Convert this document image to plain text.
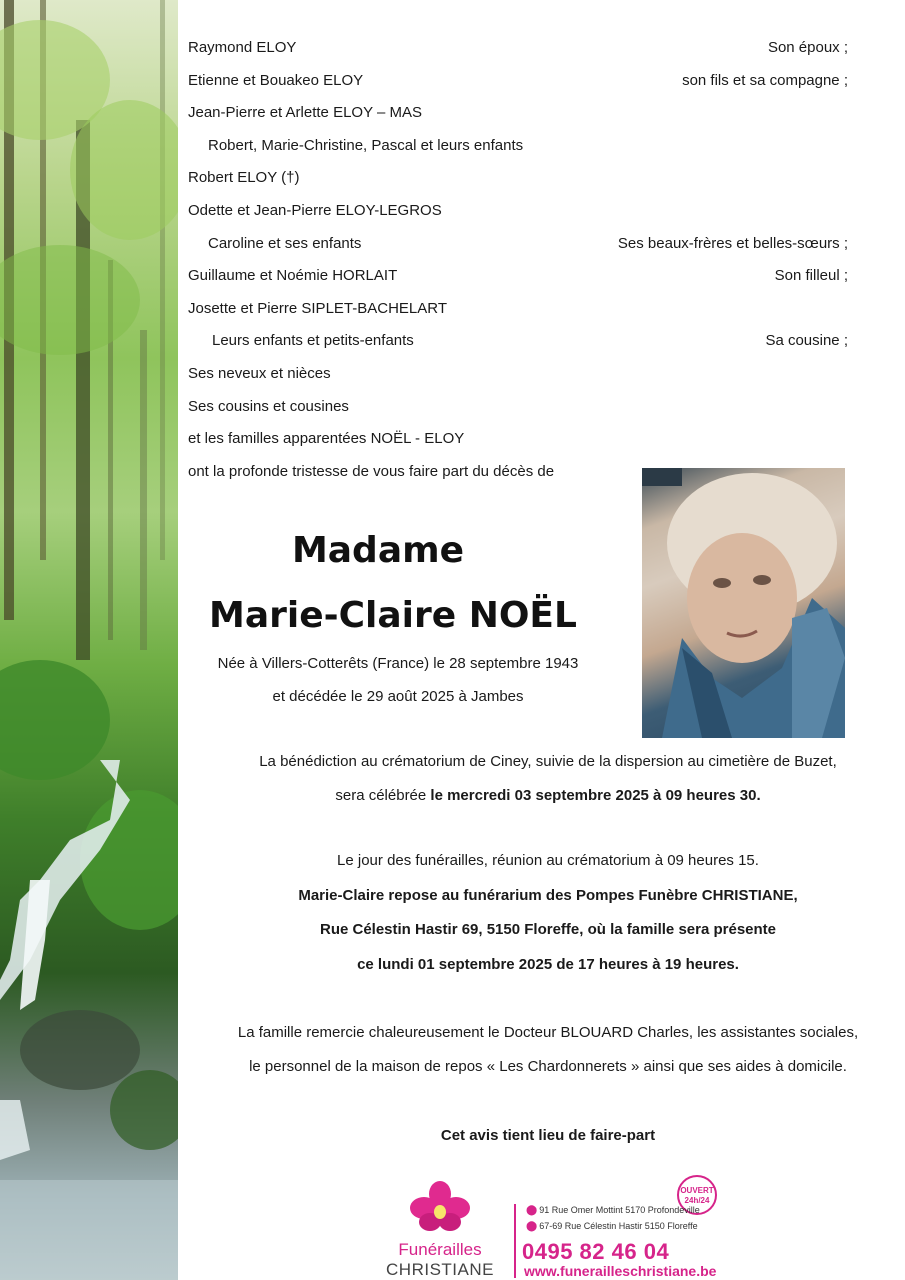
Raymond ELOY	Son époux ;
Etienne et Bouakeo ELOY	son fils et sa compagne ;
Jean-Pierre et Arlette ELOY – MAS
Robert, Marie-Christine, Pascal et leurs enfants
Robert ELOY (†)
Odette et Jean-Pierre ELOY-LEGROS
Caroline et ses enfants	Ses beaux-frères et belles-sœurs ;
Guillaume et Noémie HORLAIT	Son filleul ;
Josette et Pierre SIPLET-BACHELART
Leurs enfants et petits-enfants	Sa cousine ;
Ses neveux et nièces
Ses cousins et cousines
et les familles apparentées NOËL - ELOY
ont la profonde tristesse de vous faire part du décès de
Madame
Marie-Claire NOËL
Née à Villers-Cotterêts (France) le 28 septembre 1943
et décédée le 29 août 2025 à Jambes
La bénédiction au crématorium de Ciney, suivie de la dispersion au cimetière de Buzet,
sera célébrée le mercredi 03 septembre 2025 à 09 heures 30.
Le jour des funérailles, réunion au crématorium à 09 heures 15.
Marie-Claire repose au funérarium des Pompes Funèbre CHRISTIANE,
Rue Célestin Hastir 69, 5150 Floreffe, où la famille sera présente
ce lundi 01 septembre 2025 de 17 heures à 19 heures.
La famille remercie chaleureusement le Docteur BLOUARD Charles, les assistantes sociales,
le personnel de la maison de repos « Les Chardonnerets » ainsi que ses aides à domicile.
Cet avis tient lieu de faire-part
Funérailles
CHRISTIANE
OUVERT
24h/24
⬤ 91 Rue Omer Mottint 5170 Profondeville
⬤ 67-69 Rue Célestin Hastir 5150 Floreffe
0495 82 46 04
www.funerailleschristiane.be
